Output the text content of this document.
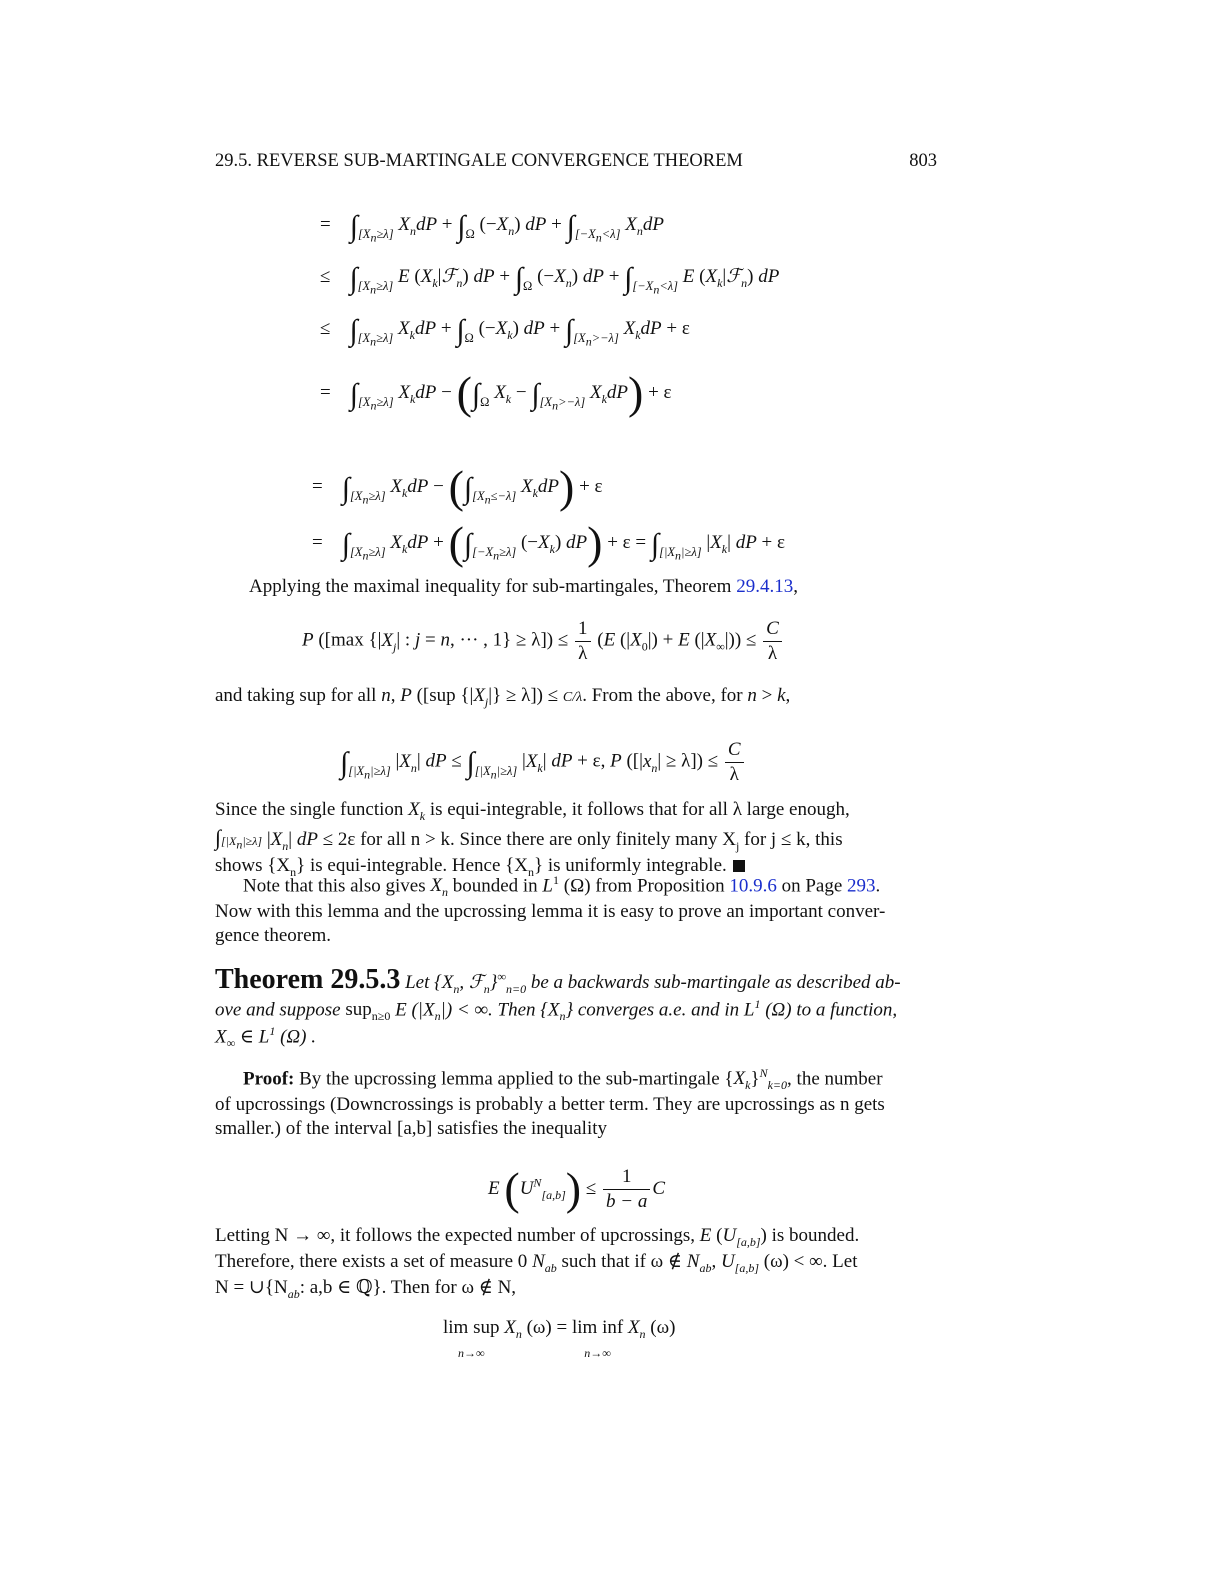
29.5. REVERSE SUB-MARTINGALE CONVERGENCE THEOREM	803
=    $\int_{[X_n\ge\lambda]}$ $X_ndP + \int_\Omega$ $(-X_n)$ dP + $\int_{[-X_n<\lambda]}$ $X_ndP$
≤    $\int_{[X_n\ge\lambda]}$ E $(X_k|ℱ_n)$ dP + $\int_\Omega$ $(-X_n)$ dP + $\int_{[-X_n<\lambda]}$ E $(X_k|ℱ_n)$ dP
≤    $\int_{[X_n\ge\lambda]}$ $X_kdP + \int_\Omega$ $(-X_k)$ dP + $\int_{[X_n>-\lambda]}$ $X_kdP + \varepsilon$
=    $\int_{[X_n\ge\lambda]}$ $X_kdP - (\int_\Omega$ $X_k - \int_{[X_n>-\lambda]}$ $X_kdP) + \varepsilon$
=    $\int_{[X_n\ge\lambda]}$ $X_kdP - (\int_{[X_n\le-\lambda]}$ $X_kdP) + \varepsilon$
=    $\int_{[X_n\ge\lambda]}$ $X_kdP + (\int_{[-X_n\ge\lambda]}$ $(-X_k) dP) + \varepsilon = \int_{[|X_n|\ge\lambda]}$ $|X_k|$ dP + ε
Applying the maximal inequality for sub-martingales, Theorem 29.4.13,
P ([max {$|X_j|$ : j = n, ··· , $1\} \ge \lambda]) \le \frac{1}{\lambda} (E$ $(|X_0|) + E$ $(|X_\infty|)) \le \frac{C}{\lambda}$
and taking sup for all n, P ([sup $\{|X_j|\} \ge \lambda]) \le C/\lambda$. From the above, for n > k,
$\int_{[|X_n|\ge\lambda]}$ $|X_n|$ dP ≤ $\int_{[|X_n|\ge\lambda]}$ $|X_k|$ dP + ε, P $([|x_n| \ge \lambda]) \le \frac{C}{\lambda}$
Since the single function $X_k$ is equi-integrable, it follows that for all λ large enough,
$\int[|X_n|\ge\lambda]$ $|X_n|$ dP ≤ 2ε for all n > k. Since there are only finitely many $X_j$ for j ≤ k, this
shows $\{X_n\}$ is equi-integrable. Hence $\{X_n\}$ is uniformly integrable.
Note that this also gives $X_n$ bounded in $L^1$ (Ω) from Proposition 10.9.6 on Page 293.
Now with this lemma and the upcrossing lemma it is easy to prove an important conver-
gence theorem.
Theorem 29.5.3 Let {$X_n$, $ℱ_n\}^\infty_{n=0}$ be a backwards sub-martingale as described ab-
ove and suppose sup$_{n\ge 0}$ E $(|X_n|)$ < ∞. Then $\{X_n\}$ converges a.e. and in $L^1$ (Ω) to a function,
$X_\infty$ ∈ $L^1$ (Ω) .
Proof: By the upcrossing lemma applied to the sub-martingale $\{X_k\}^N_{k=0}$, the number
of upcrossings (Downcrossings is probably a better term. They are upcrossings as n gets
smaller.) of the interval [a,b] satisfies the inequality
E $(U^N_{[a,b]}) \le \frac{1}{b - a}$ C
Letting N → ∞, it follows the expected number of upcrossings, E $(U_{[a,b]})$ is bounded.
Therefore, there exists a set of measure 0 $N_{ab}$ such that if ω ∉ $N_{ab}$, $U_{[a,b]}$ (ω) < ∞. Let
$N = \cup\{N_{ab}$: a,b ∈ ℚ}. Then for ω ∉ N,
lim sup
n→∞ $X_n$ (ω) = lim inf
n→∞ $X_n$ (ω)
